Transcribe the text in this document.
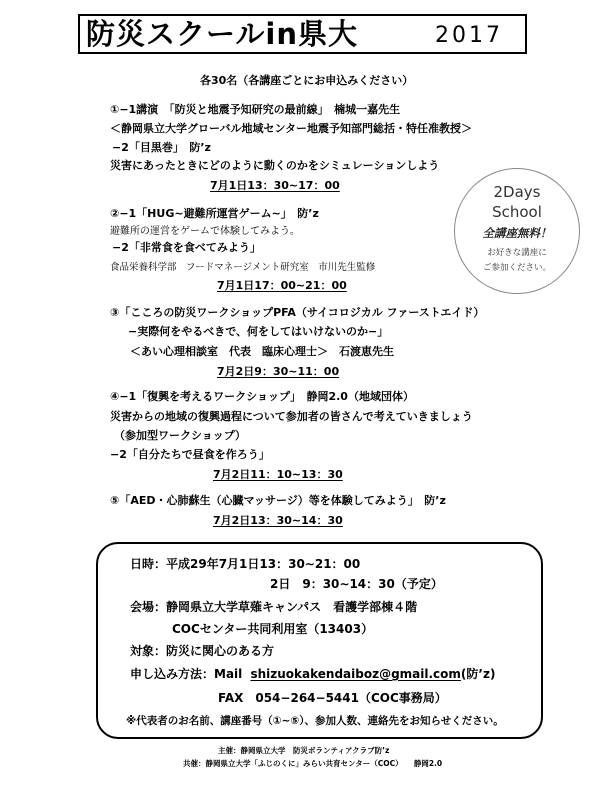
防災スクールin県大	2017
各30名（各講座ごとにお申込みください）
①−1講演　「防災と地震予知研究の最前線」　楠城一嘉先生
＜静岡県立大学グローバル地域センター地震予知部門総括・特任准教授＞
−2「目黒巻」　防’z
災害にあったときにどのように動くのかをシミュレーションしよう
7月1日13：30∼17：00
②−1「HUG∼避難所運営ゲーム∼」　防’z
避難所の運営をゲームで体験してみよう。
−2「非常食を食べてみよう」
食品栄養科学部　フードマネージメント研究室　市川先生監修
7月1日17：00∼21：00
③「こころの防災ワークショップPFA（サイコロジカル ファーストエイド）
−実際何をやるべきで、何をしてはいけないのか−」
＜あい心理相談室　代表　臨床心理士＞　石渡恵先生
7月2日9：30∼11：00
④−1「復興を考えるワークショップ」　静岡2.0（地域団体）
災害からの地域の復興過程について参加者の皆さんで考えていきましょう
（参加型ワークショップ）
−2「自分たちで昼食を作ろう」
7月2日11：10∼13：30
⑤「AED・心肺蘇生（心臓マッサージ）等を体験してみよう」　防’z
7月2日13：30∼14：30
2Days
School
全講座無料！
お好きな講座に
ご参加ください。
日時：平成29年7月1日13：30∼21：00
2日　9：30∼14：30（予定）
会場：静岡県立大学草薙キャンパス　看護学部棟４階
COCセンター共同利用室（13403）
対象：防災に関心のある方
申し込み方法：Mail shizuokakendaiboz@gmail.com(防’z)
FAX　054−264−5441（COC事務局）
※代表者のお名前、講座番号（①∼⑤）、参加人数、連絡先をお知らせください。
主催：静岡県立大学　防災ボランティアクラブ防’z
共催：静岡県立大学「ふじのくに」みらい共育センター（COC）　　静岡2.0
